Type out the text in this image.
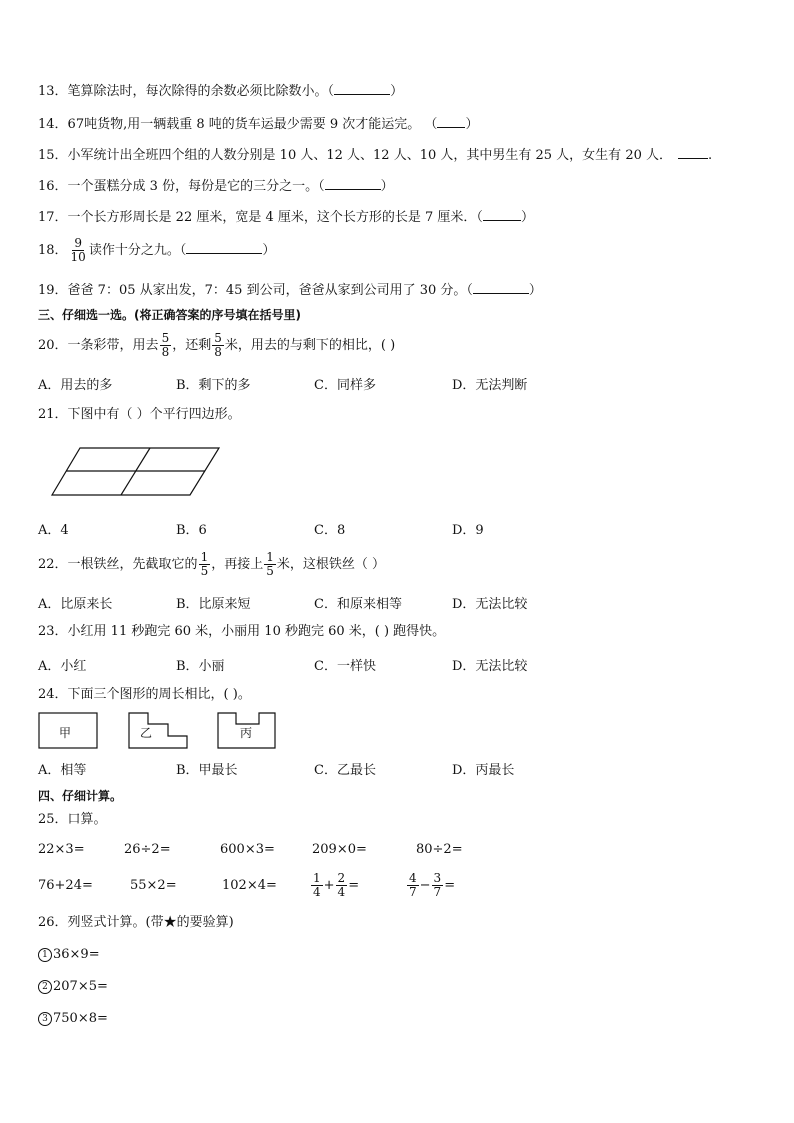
13．笔算除法时，每次除得的余数必须比除数小。（	）
14．67吨货物,用一辆载重 8 吨的货车运最少需要 9 次才能运完。 （ ）
15．小军统计出全班四个组的人数分别是 10 人、12 人、12 人、10 人，其中男生有 25 人，女生有 20 人．	.
16．一个蛋糕分成 3 份，每份是它的三分之一。（	）
17．一个长方形周长是 22 厘米，宽是 4 厘米，这个长方形的长是 7 厘米．（	）
18． $\frac{9}{10}$ 读作十分之九。（	）
19．爸爸 7：05 从家出发，7：45 到公司，爸爸从家到公司用了 30 分。（	）
三、仔细选一选。(将正确答案的序号填在括号里)
20．一条彩带，用去 $\frac{5}{8}$ ，还剩 $\frac{5}{8}$ 米，用去的与剩下的相比，( )
A．用去的多	B．剩下的多	C．同样多	D．无法判断
21．下图中有（ ）个平行四边形。
A．4	B．6	C．8	D．9
22．一根铁丝，先截取它的 $\frac{1}{5}$ ，再接上 $\frac{1}{5}$ 米，这根铁丝（ ）
A．比原来长	B．比原来短	C．和原来相等	D．无法比较
23．小红用 11 秒跑完 60 米，小丽用 10 秒跑完 60 米，( ) 跑得快。
A．小红	B．小丽	C．一样快	D．无法比较
24．下面三个图形的周长相比，( )。
甲	乙	丙
A．相等	B．甲最长	C．乙最长	D．丙最长
四、仔细计算。
25．口算。
22×3=	26÷2=	600×3=	209×0=	80÷2=
76+24=	55×2=	102×4=	$\frac{1}{4} + \frac{2}{4}$ =	$\frac{4}{7} - \frac{3}{7}$ =
26．列竖式计算。(带★的要验算)
1 36×9=
2 207×5=
3 750×8=
